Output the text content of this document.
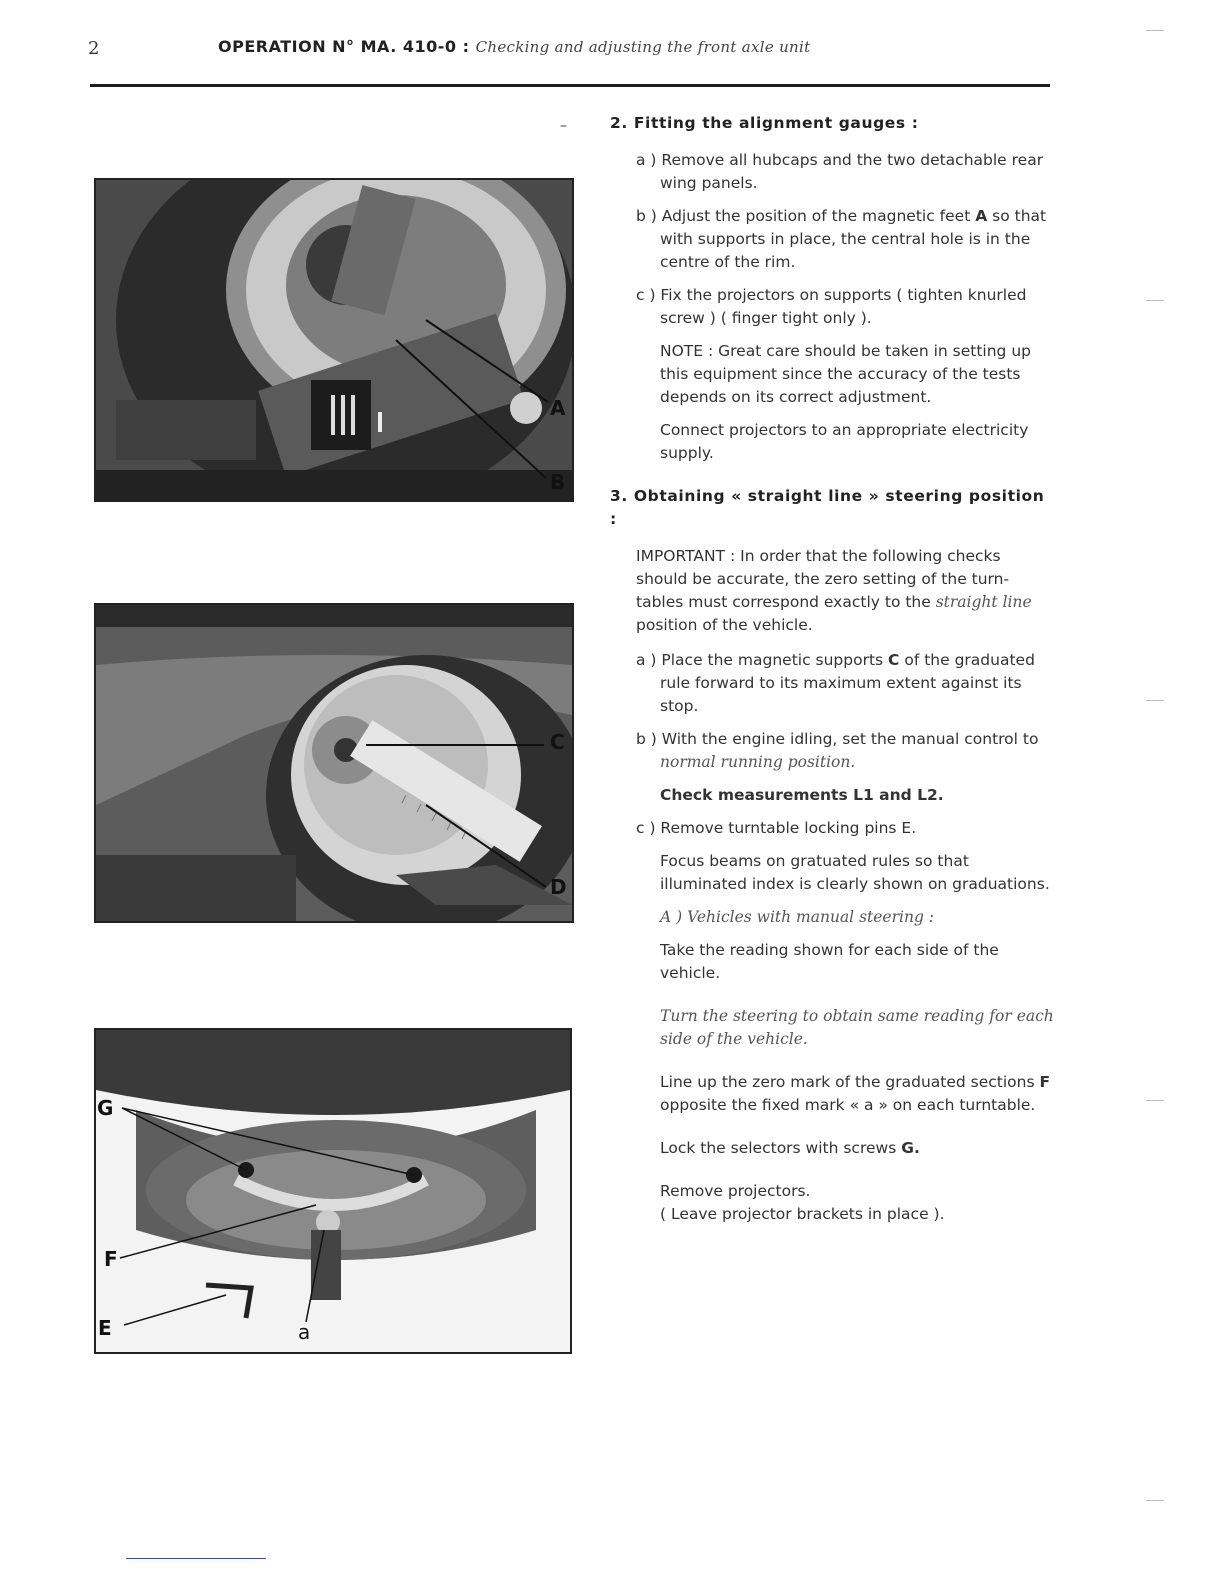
2	OPERATION N° MA. 410-0 : Checking and adjusting the front axle unit
–
A
B
C
D
G
F
E	a

2. Fitting the alignment gauges :

a ) Remove all hubcaps and the two detachable rear wing panels.

b ) Adjust the position of the magnetic feet A so that with supports in place, the central hole is in the centre of the rim.

c ) Fix the projectors on supports ( tighten knurled screw ) ( finger tight only ).

NOTE : Great care should be taken in setting up this equipment since the accuracy of the tests depends on its correct adjustment.

Connect projectors to an appropriate electricity supply.

3. Obtaining « straight line » steering position :

IMPORTANT : In order that the following checks should be accurate, the zero setting of the turn-tables must correspond exactly to the straight line position of the vehicle.

a ) Place the magnetic supports C of the graduated rule forward to its maximum extent against its stop.

b ) With the engine idling, set the manual control to normal running position.

Check measurements L1 and L2.

c ) Remove turntable locking pins E.

Focus beams on gratuated rules so that illuminated index is clearly shown on graduations.

A ) Vehicles with manual steering :

Take the reading shown for each side of the vehicle.

Turn the steering to obtain same reading for each side of the vehicle.

Line up the zero mark of the graduated sections F opposite the fixed mark « a » on each turntable.

Lock the selectors with screws G.

Remove projectors.

( Leave projector brackets in place ).
